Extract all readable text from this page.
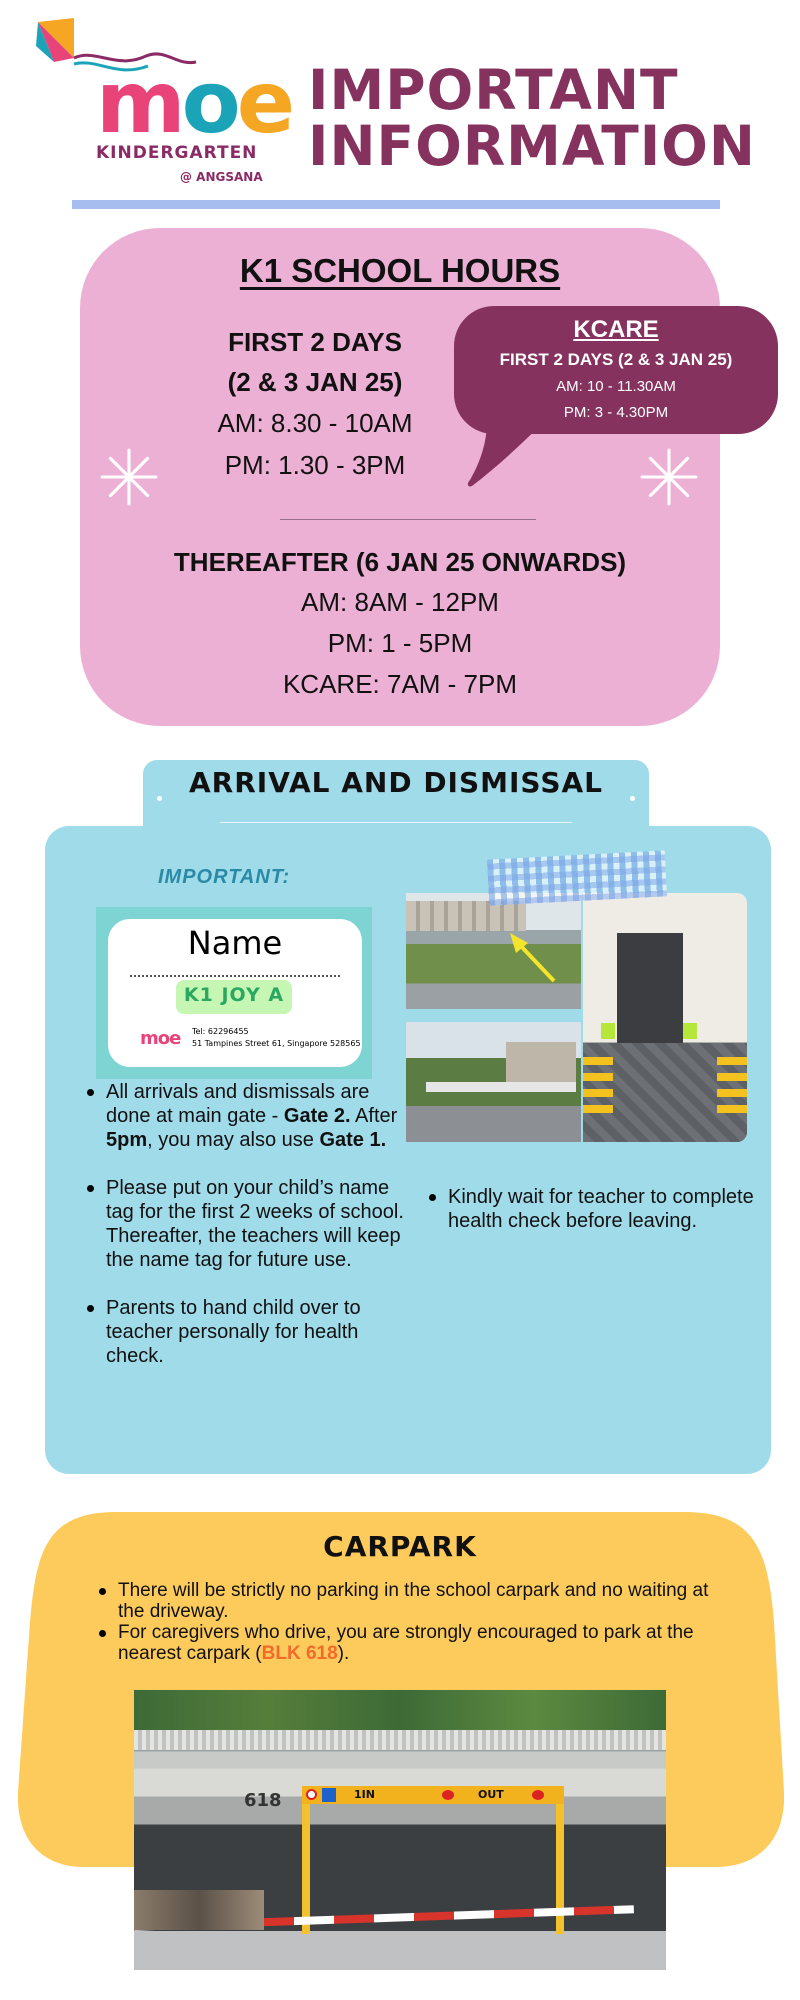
moe
KINDERGARTEN
@ ANGSANA
IMPORTANT
INFORMATION
K1 SCHOOL HOURS
FIRST 2 DAYS
(2 & 3 JAN 25)
AM: 8.30 - 10AM
PM: 1.30 - 3PM
KCARE
FIRST 2 DAYS (2 & 3 JAN 25)
AM: 10 - 11.30AM
PM: 3 - 4.30PM
THEREAFTER (6 JAN 25 ONWARDS)
AM: 8AM - 12PM
PM: 1 - 5PM
KCARE: 7AM - 7PM
ARRIVAL AND DISMISSAL
IMPORTANT:
Name
K1 JOY A
moe Tel: 62296455
51 Tampines Street 61, Singapore 528565
All arrivals and dismissals are done at main gate - Gate 2. After 5pm, you may also use Gate 1.
Please put on your child’s name tag for the first 2 weeks of school. Thereafter, the teachers will keep the name tag for future use.
Parents to hand child over to teacher personally for health check.
Kindly wait for teacher to complete health check before leaving.
CARPARK
There will be strictly no parking in the school carpark and no waiting at the driveway.
For caregivers who drive, you are strongly encouraged to park at the nearest carpark (BLK 618).
618	1IN	OUT
